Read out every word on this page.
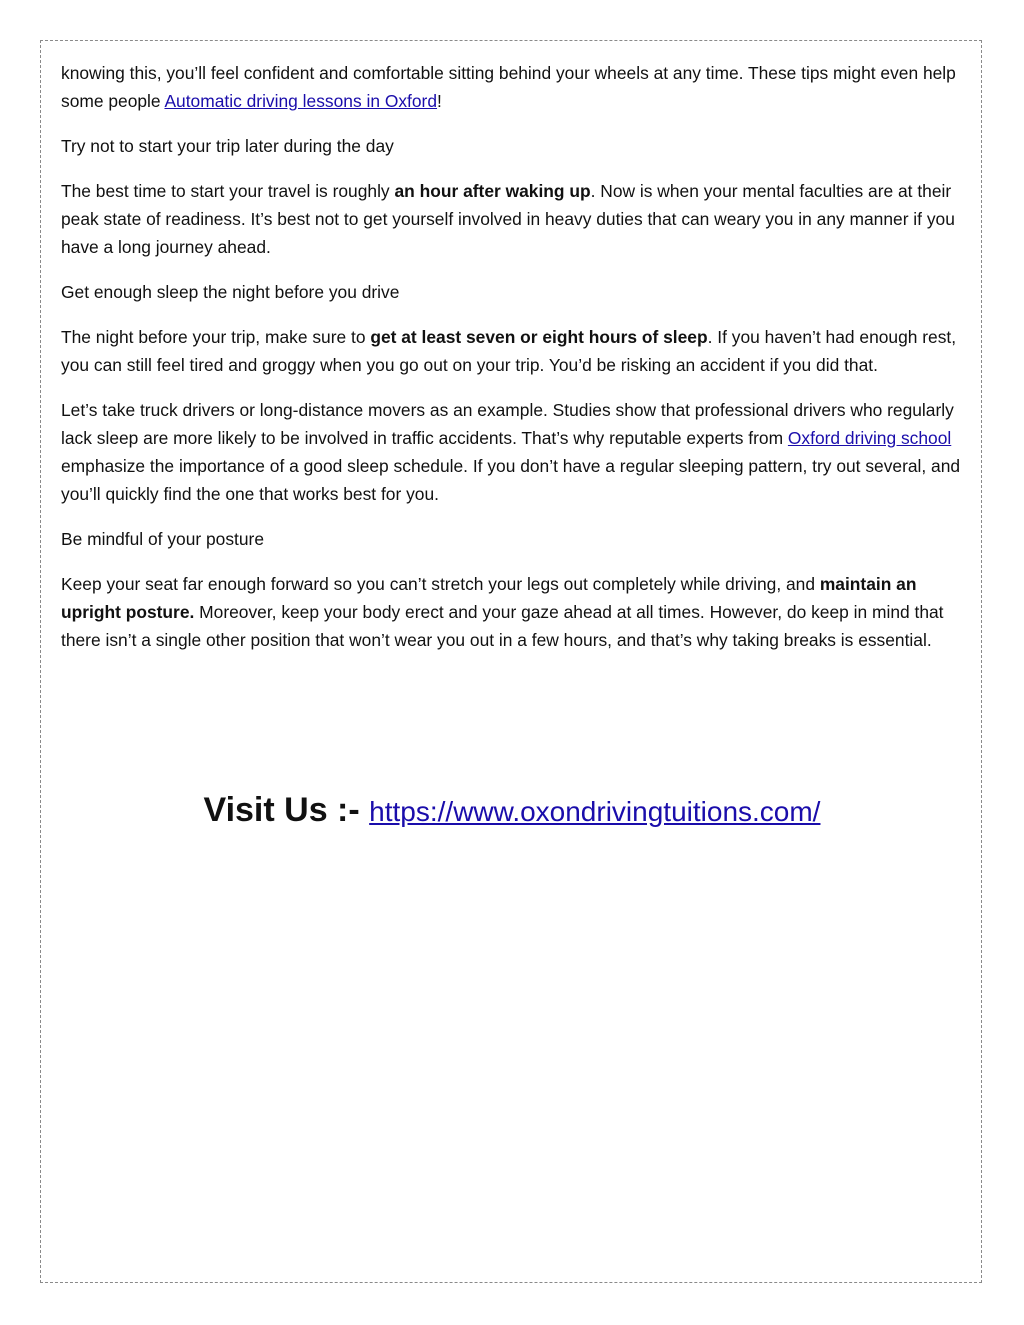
knowing this, you’ll feel confident and comfortable sitting behind your wheels at any time. These tips might even help some people Automatic driving lessons in Oxford!

Try not to start your trip later during the day

The best time to start your travel is roughly an hour after waking up. Now is when your mental faculties are at their peak state of readiness. It’s best not to get yourself involved in heavy duties that can weary you in any manner if you have a long journey ahead.

Get enough sleep the night before you drive

The night before your trip, make sure to get at least seven or eight hours of sleep. If you haven’t had enough rest, you can still feel tired and groggy when you go out on your trip. You’d be risking an accident if you did that.

Let’s take truck drivers or long-distance movers as an example. Studies show that professional drivers who regularly lack sleep are more likely to be involved in traffic accidents. That’s why reputable experts from Oxford driving school emphasize the importance of a good sleep schedule. If you don’t have a regular sleeping pattern, try out several, and you’ll quickly find the one that works best for you.

Be mindful of your posture

Keep your seat far enough forward so you can’t stretch your legs out completely while driving, and maintain an upright posture. Moreover, keep your body erect and your gaze ahead at all times. However, do keep in mind that there isn’t a single other position that won’t wear you out in a few hours, and that’s why taking breaks is essential.

Visit Us :- https://www.oxondrivingtuitions.com/
